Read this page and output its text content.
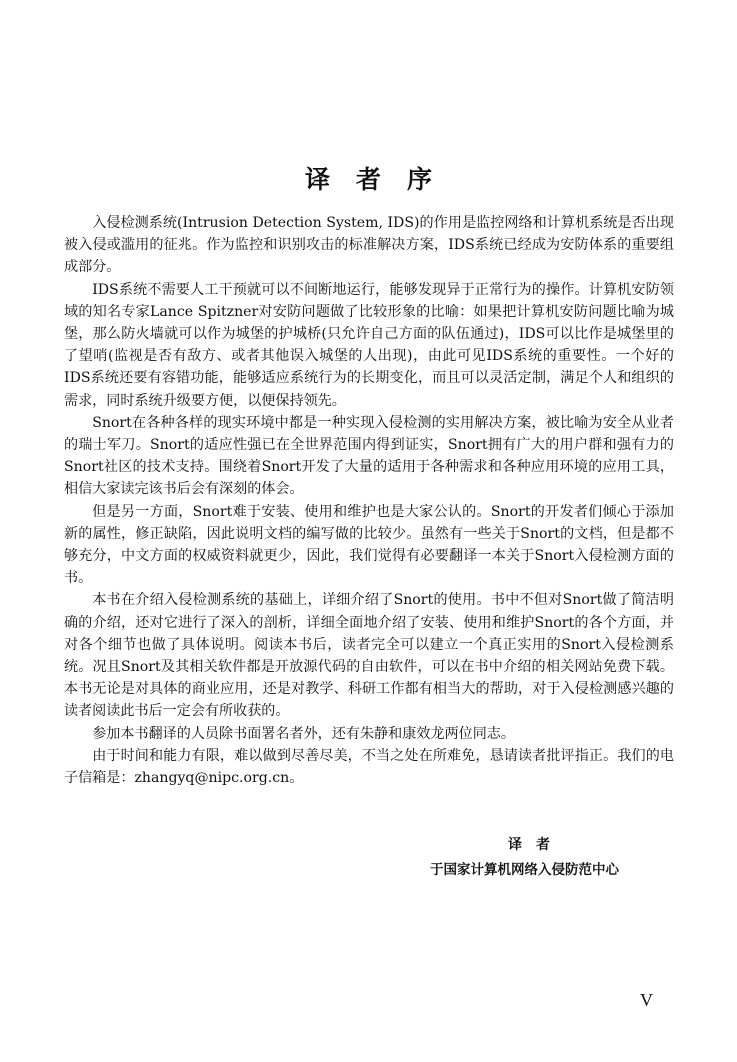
译者序

入侵检测系统(Intrusion Detection System, IDS)的作用是监控网络和计算机系统是否出现被入侵或滥用的征兆。作为监控和识别攻击的标准解决方案，IDS系统已经成为安防体系的重要组成部分。

IDS系统不需要人工干预就可以不间断地运行，能够发现异于正常行为的操作。计算机安防领域的知名专家Lance Spitzner对安防问题做了比较形象的比喻：如果把计算机安防问题比喻为城堡，那么防火墙就可以作为城堡的护城桥(只允许自己方面的队伍通过)，IDS可以比作是城堡里的了望哨(监视是否有敌方、或者其他误入城堡的人出现)，由此可见IDS系统的重要性。一个好的IDS系统还要有容错功能，能够适应系统行为的长期变化，而且可以灵活定制，满足个人和组织的需求，同时系统升级要方便，以便保持领先。

Snort在各种各样的现实环境中都是一种实现入侵检测的实用解决方案，被比喻为安全从业者的瑞士军刀。Snort的适应性强已在全世界范围内得到证实，Snort拥有广大的用户群和强有力的Snort社区的技术支持。围绕着Snort开发了大量的适用于各种需求和各种应用环境的应用工具，相信大家读完该书后会有深刻的体会。

但是另一方面，Snort难于安装、使用和维护也是大家公认的。Snort的开发者们倾心于添加新的属性，修正缺陷，因此说明文档的编写做的比较少。虽然有一些关于Snort的文档，但是都不够充分，中文方面的权威资料就更少，因此，我们觉得有必要翻译一本关于Snort入侵检测方面的书。

本书在介绍入侵检测系统的基础上，详细介绍了Snort的使用。书中不但对Snort做了简洁明确的介绍，还对它进行了深入的剖析，详细全面地介绍了安装、使用和维护Snort的各个方面，并对各个细节也做了具体说明。阅读本书后，读者完全可以建立一个真正实用的Snort入侵检测系统。况且Snort及其相关软件都是开放源代码的自由软件，可以在书中介绍的相关网站免费下载。本书无论是对具体的商业应用，还是对教学、科研工作都有相当大的帮助，对于入侵检测感兴趣的读者阅读此书后一定会有所收获的。

参加本书翻译的人员除书面署名者外，还有朱静和康效龙两位同志。

由于时间和能力有限，难以做到尽善尽美，不当之处在所难免，恳请读者批评指正。我们的电子信箱是：zhangyq@nipc.org.cn。

译者
于国家计算机网络入侵防范中心
V
